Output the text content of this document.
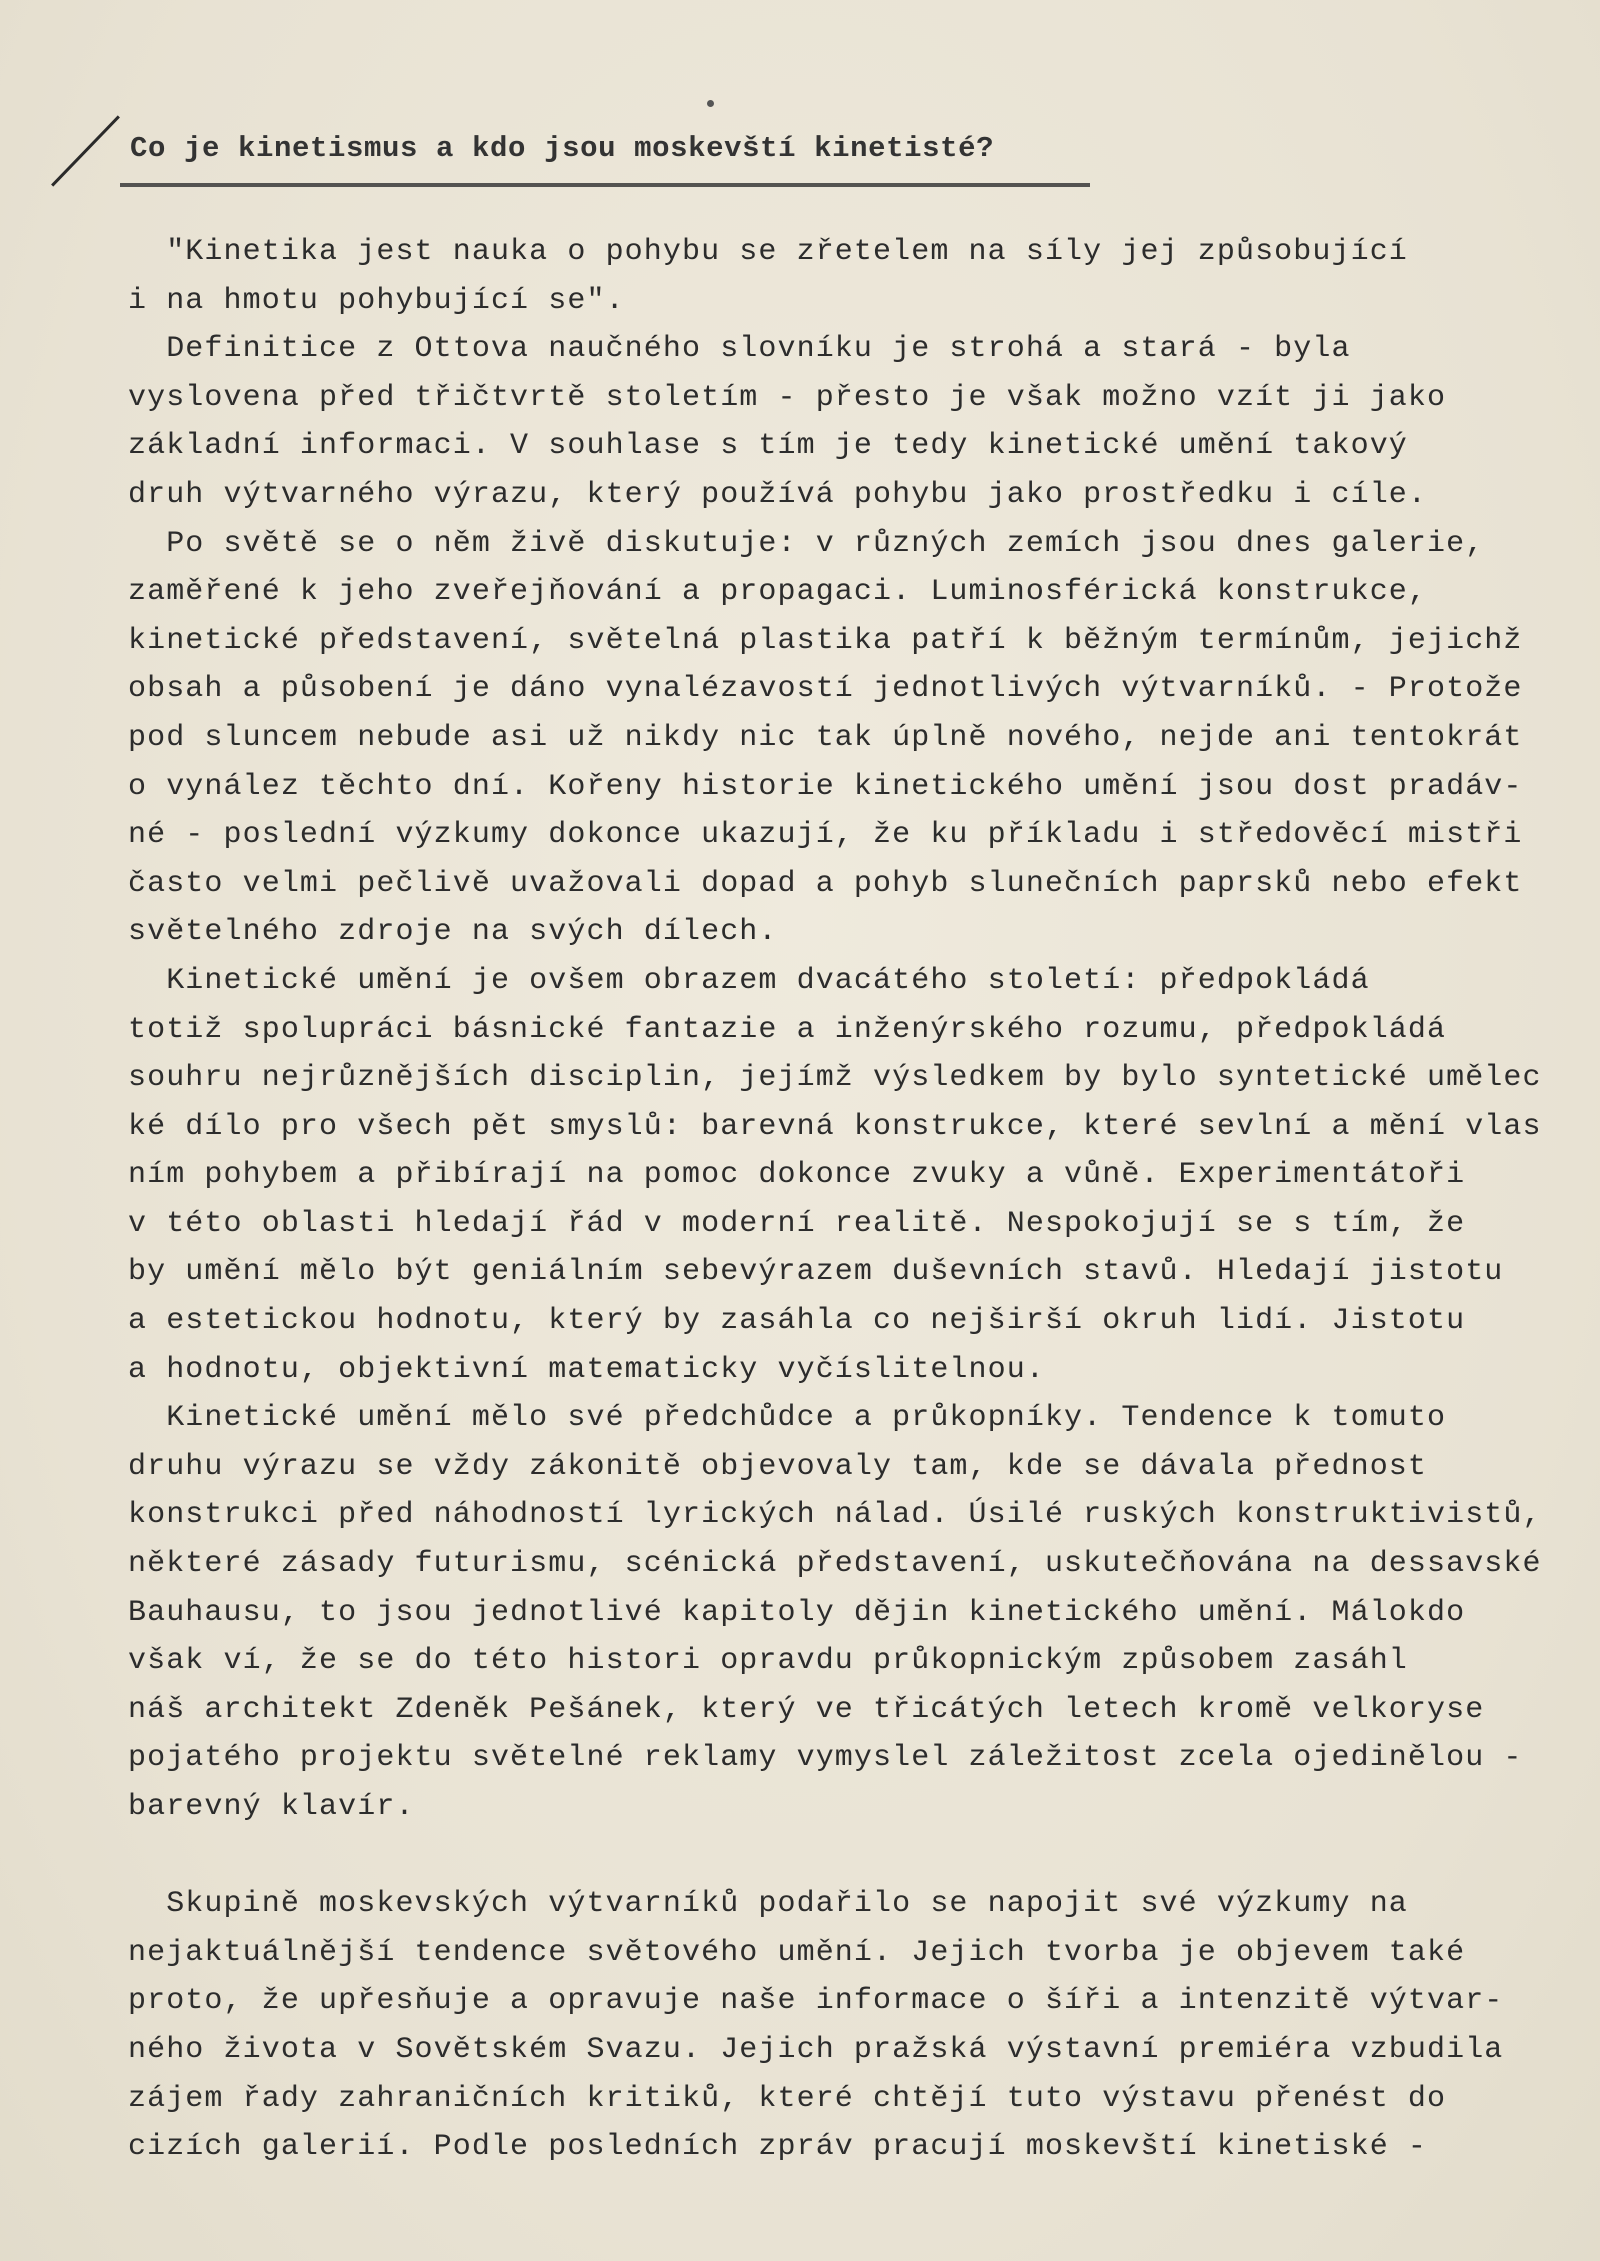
Co je kinetismus a kdo jsou moskevští kinetisté?
"Kinetika jest nauka o pohybu se zřetelem na síly jej způsobující
i na hmotu pohybující se".
Definitice z Ottova naučného slovníku je strohá a stará - byla
vyslovena před třičtvrtě stoletím - přesto je však možno vzít ji jako
základní informaci. V souhlase s tím je tedy kinetické umění takový
druh výtvarného výrazu, který používá pohybu jako prostředku i cíle.
Po světě se o něm živě diskutuje: v různých zemích jsou dnes galerie,
zaměřené k jeho zveřejňování a propagaci. Luminosférická konstrukce,
kinetické představení, světelná plastika patří k běžným termínům, jejichž
obsah a působení je dáno vynalézavostí jednotlivých výtvarníků. - Protože
pod sluncem nebude asi už nikdy nic tak úplně nového, nejde ani tentokrát
o vynález těchto dní. Kořeny historie kinetického umění jsou dost pradáv-
né - poslední výzkumy dokonce ukazují, že ku příkladu i středověcí mistři
často velmi pečlivě uvažovali dopad a pohyb slunečních paprsků nebo efekt
světelného zdroje na svých dílech.
Kinetické umění je ovšem obrazem dvacátého století: předpokládá
totiž spolupráci básnické fantazie a inženýrského rozumu, předpokládá
souhru nejrůznějších disciplin, jejímž výsledkem by bylo syntetické umělec
ké dílo pro všech pět smyslů: barevná konstrukce, které sevlní a mění vlas
ním pohybem a přibírají na pomoc dokonce zvuky a vůně. Experimentátoři
v této oblasti hledají řád v moderní realitě. Nespokojují se s tím, že
by umění mělo být geniálním sebevýrazem duševních stavů. Hledají jistotu
a estetickou hodnotu, který by zasáhla co nejširší okruh lidí. Jistotu
a hodnotu, objektivní matematicky vyčíslitelnou.
Kinetické umění mělo své předchůdce a průkopníky. Tendence k tomuto
druhu výrazu se vždy zákonitě objevovaly tam, kde se dávala přednost
konstrukci před náhodností lyrických nálad. Úsilé ruských konstruktivistů,
některé zásady futurismu, scénická představení, uskutečňována na dessavské
Bauhausu, to jsou jednotlivé kapitoly dějin kinetického umění. Málokdo
však ví, že se do této histori opravdu průkopnickým způsobem zasáhl
náš architekt Zdeněk Pešánek, který ve třicátých letech kromě velkoryse
pojatého projektu světelné reklamy vymyslel záležitost zcela ojedinělou -
barevný klavír.
Skupině moskevských výtvarníků podařilo se napojit své výzkumy na
nejaktuálnější tendence světového umění. Jejich tvorba je objevem také
proto, že upřesňuje a opravuje naše informace o šíři a intenzitě výtvar-
ného života v Sovětském Svazu. Jejich pražská výstavní premiéra vzbudila
zájem řady zahraničních kritiků, které chtějí tuto výstavu přenést do
cizích galerií. Podle posledních zpráv pracují moskevští kinetiské -
